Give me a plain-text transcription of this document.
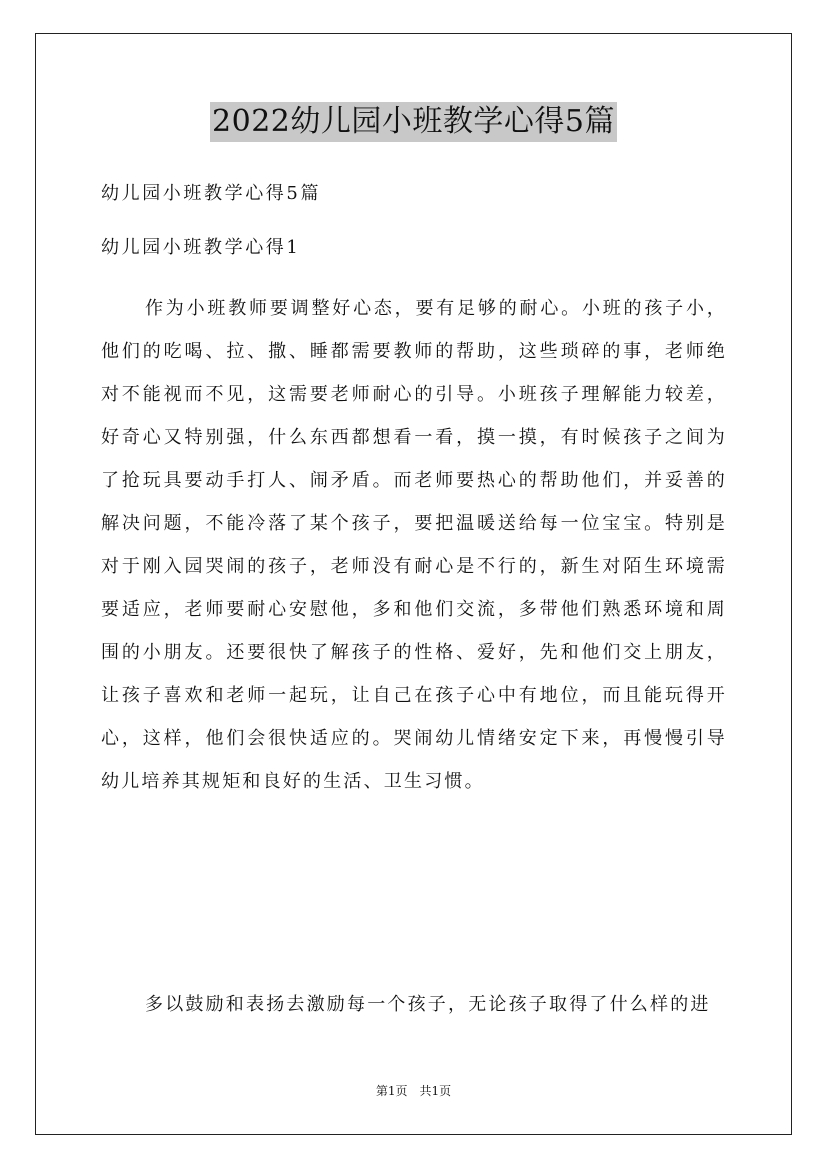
2022幼儿园小班教学心得5篇
幼儿园小班教学心得5篇
幼儿园小班教学心得1
作为小班教师要调整好心态，要有足够的耐心。小班的孩子小，他们的吃喝、拉、撒、睡都需要教师的帮助，这些琐碎的事，老师绝对不能视而不见，这需要老师耐心的引导。小班孩子理解能力较差，好奇心又特别强，什么东西都想看一看，摸一摸，有时候孩子之间为了抢玩具要动手打人、闹矛盾。而老师要热心的帮助他们，并妥善的解决问题，不能冷落了某个孩子，要把温暖送给每一位宝宝。特别是对于刚入园哭闹的孩子，老师没有耐心是不行的，新生对陌生环境需要适应，老师要耐心安慰他，多和他们交流，多带他们熟悉环境和周围的小朋友。还要很快了解孩子的性格、爱好，先和他们交上朋友，让孩子喜欢和老师一起玩，让自己在孩子心中有地位，而且能玩得开心，这样，他们会很快适应的。哭闹幼儿情绪安定下来，再慢慢引导幼儿培养其规矩和良好的生活、卫生习惯。
多以鼓励和表扬去激励每一个孩子，无论孩子取得了什么样的进
第1页　共1页
